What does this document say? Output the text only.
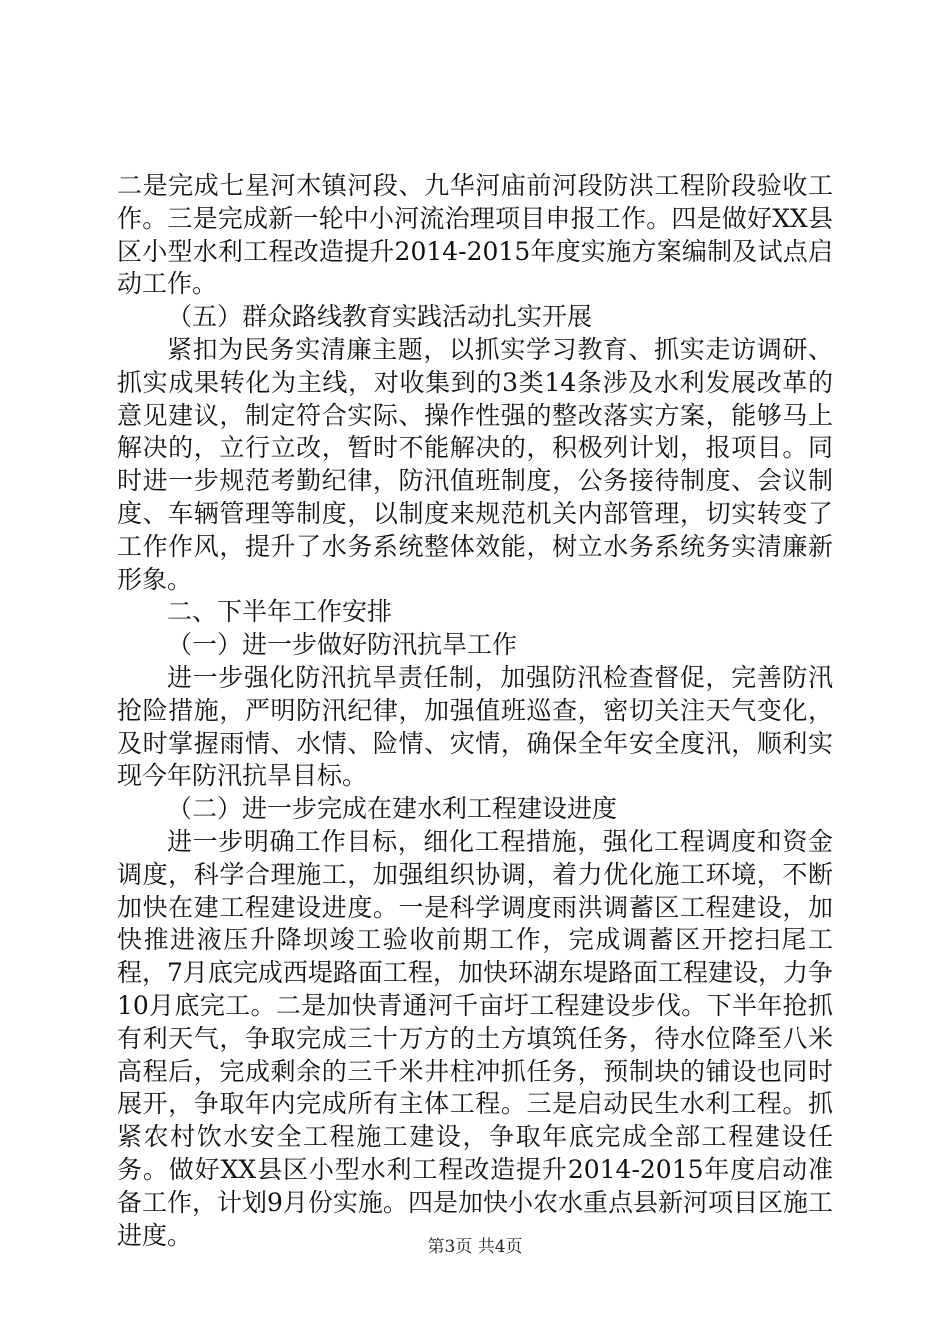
二是完成七星河木镇河段、九华河庙前河段防洪工程阶段验收工作。三是完成新一轮中小河流治理项目申报工作。四是做好XX县区小型水利工程改造提升2014-2015年度实施方案编制及试点启动工作。

（五）群众路线教育实践活动扎实开展

紧扣为民务实清廉主题，以抓实学习教育、抓实走访调研、抓实成果转化为主线，对收集到的3类14条涉及水利发展改革的意见建议，制定符合实际、操作性强的整改落实方案，能够马上解决的，立行立改，暂时不能解决的，积极列计划，报项目。同时进一步规范考勤纪律，防汛值班制度，公务接待制度、会议制度、车辆管理等制度，以制度来规范机关内部管理，切实转变了工作作风，提升了水务系统整体效能，树立水务系统务实清廉新形象。

二、下半年工作安排

（一）进一步做好防汛抗旱工作

进一步强化防汛抗旱责任制，加强防汛检查督促，完善防汛抢险措施，严明防汛纪律，加强值班巡查，密切关注天气变化，及时掌握雨情、水情、险情、灾情，确保全年安全度汛，顺利实现今年防汛抗旱目标。

（二）进一步完成在建水利工程建设进度

进一步明确工作目标，细化工程措施，强化工程调度和资金调度，科学合理施工，加强组织协调，着力优化施工环境，不断加快在建工程建设进度。一是科学调度雨洪调蓄区工程建设，加快推进液压升降坝竣工验收前期工作，完成调蓄区开挖扫尾工程，7月底完成西堤路面工程，加快环湖东堤路面工程建设，力争10月底完工。二是加快青通河千亩圩工程建设步伐。下半年抢抓有利天气，争取完成三十万方的土方填筑任务，待水位降至八米高程后，完成剩余的三千米井柱冲抓任务，预制块的铺设也同时展开，争取年内完成所有主体工程。三是启动民生水利工程。抓紧农村饮水安全工程施工建设，争取年底完成全部工程建设任务。做好XX县区小型水利工程改造提升2014-2015年度启动准备工作，计划9月份实施。四是加快小农水重点县新河项目区施工进度。	第3页 共4页
